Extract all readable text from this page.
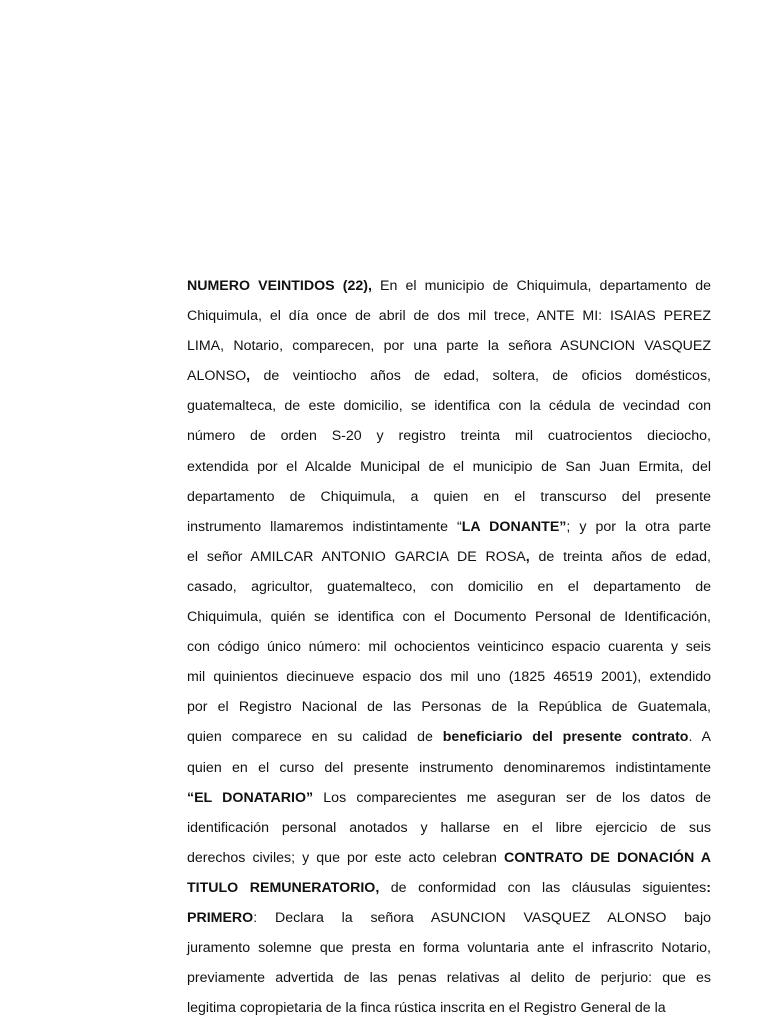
NUMERO VEINTIDOS (22), En el municipio de Chiquimula, departamento de
Chiquimula, el día once de abril de dos mil trece, ANTE MI: ISAIAS PEREZ
LIMA, Notario, comparecen, por una parte la señora ASUNCION VASQUEZ
ALONSO, de veintiocho años de edad, soltera, de oficios domésticos,
guatemalteca, de este domicilio, se identifica con la cédula de vecindad con
número de orden S-20 y registro treinta mil cuatrocientos dieciocho,
extendida por el Alcalde Municipal de el municipio de San Juan Ermita, del
departamento de Chiquimula, a quien en el transcurso del presente
instrumento llamaremos indistintamente “LA DONANTE”; y por la otra parte
el señor AMILCAR ANTONIO GARCIA DE ROSA, de treinta años de edad,
casado, agricultor, guatemalteco, con domicilio en el departamento de
Chiquimula, quién se identifica con el Documento Personal de Identificación,
con código único número: mil ochocientos veinticinco espacio cuarenta y seis
mil quinientos diecinueve espacio dos mil uno (1825 46519 2001), extendido
por el Registro Nacional de las Personas de la República de Guatemala,
quien comparece en su calidad de beneficiario del presente contrato. A
quien en el curso del presente instrumento denominaremos indistintamente
“EL DONATARIO” Los comparecientes me aseguran ser de los datos de
identificación personal anotados y hallarse en el libre ejercicio de sus
derechos civiles; y que por este acto celebran CONTRATO DE DONACIÓN A
TITULO REMUNERATORIO, de conformidad con las cláusulas siguientes:
PRIMERO: Declara la señora ASUNCION VASQUEZ ALONSO bajo
juramento solemne que presta en forma voluntaria ante el infrascrito Notario,
previamente advertida de las penas relativas al delito de perjurio: que es
legitima copropietaria de la finca rústica inscrita en el Registro General de la
